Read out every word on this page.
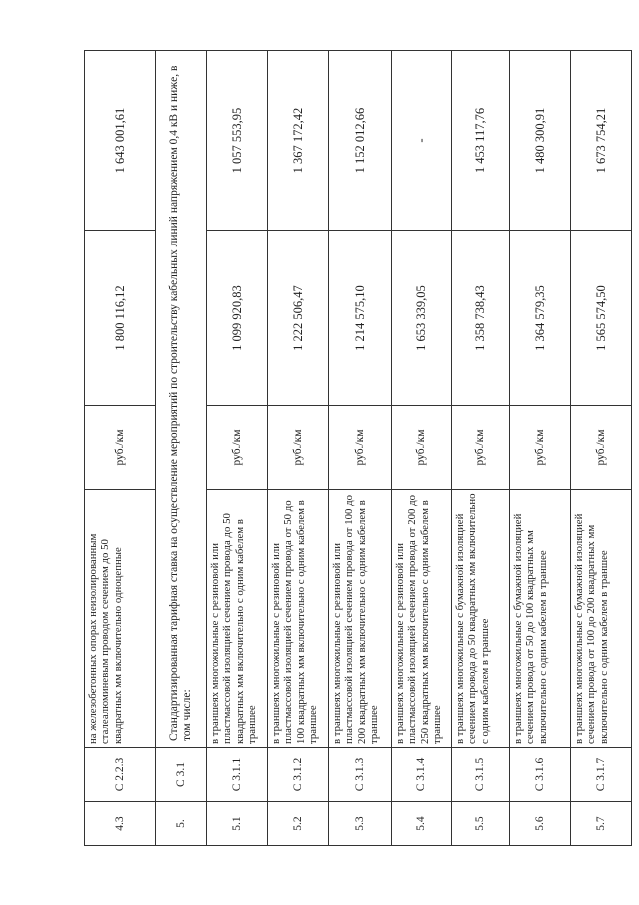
4.3	С 2.2.3	на железобетонных опорах неизолированным сталеалюминевым проводом сечением до 50 квадратных мм включительно одноцепные	руб./км	1 800 116,12	1 643 001,61
5.	С 3.1	Стандартизированная тарифная ставка на осуществление мероприятий по строительству кабельных линий напряжением 0,4 кВ и ниже, в том числе:			
5.1	С 3.1.1	в траншеях многожильные с резиновой или пластмассовой изоляцией сечением провода до 50 квадратных мм включительно с одним кабелем в траншее	руб./км	1 099 920,83	1 057 553,95
5.2	С 3.1.2	в траншеях многожильные с резиновой или пластмассовой изоляцией сечением провода от 50 до 100 квадратных мм включительно с одним кабелем в траншее	руб./км	1 222 506,47	1 367 172,42
5.3	С 3.1.3	в траншеях многожильные с резиновой или пластмассовой изоляцией сечением провода от 100 до 200 квадратных мм включительно с одним кабелем в траншее	руб./км	1 214 575,10	1 152 012,66
5.4	С 3.1.4	в траншеях многожильные с резиновой или пластмассовой изоляцией сечением провода от 200 до 250 квадратных мм включительно с одним кабелем в траншее	руб./км	1 653 339,05	-
5.5	С 3.1.5	в траншеях многожильные с бумажной изоляцией сечением провода до 50 квадратных мм включительно с одним кабелем в траншее	руб./км	1 358 738,43	1 453 117,76
5.6	С 3.1.6	в траншеях многожильные с бумажной изоляцией сечением провода от 50 до 100 квадратных мм включительно с одним кабелем в траншее	руб./км	1 364 579,35	1 480 300,91
5.7	С 3.1.7	в траншеях многожильные с бумажной изоляцией сечением провода от 100 до 200 квадратных мм включительно с одним кабелем в траншее	руб./км	1 565 574,50	1 673 754,21
